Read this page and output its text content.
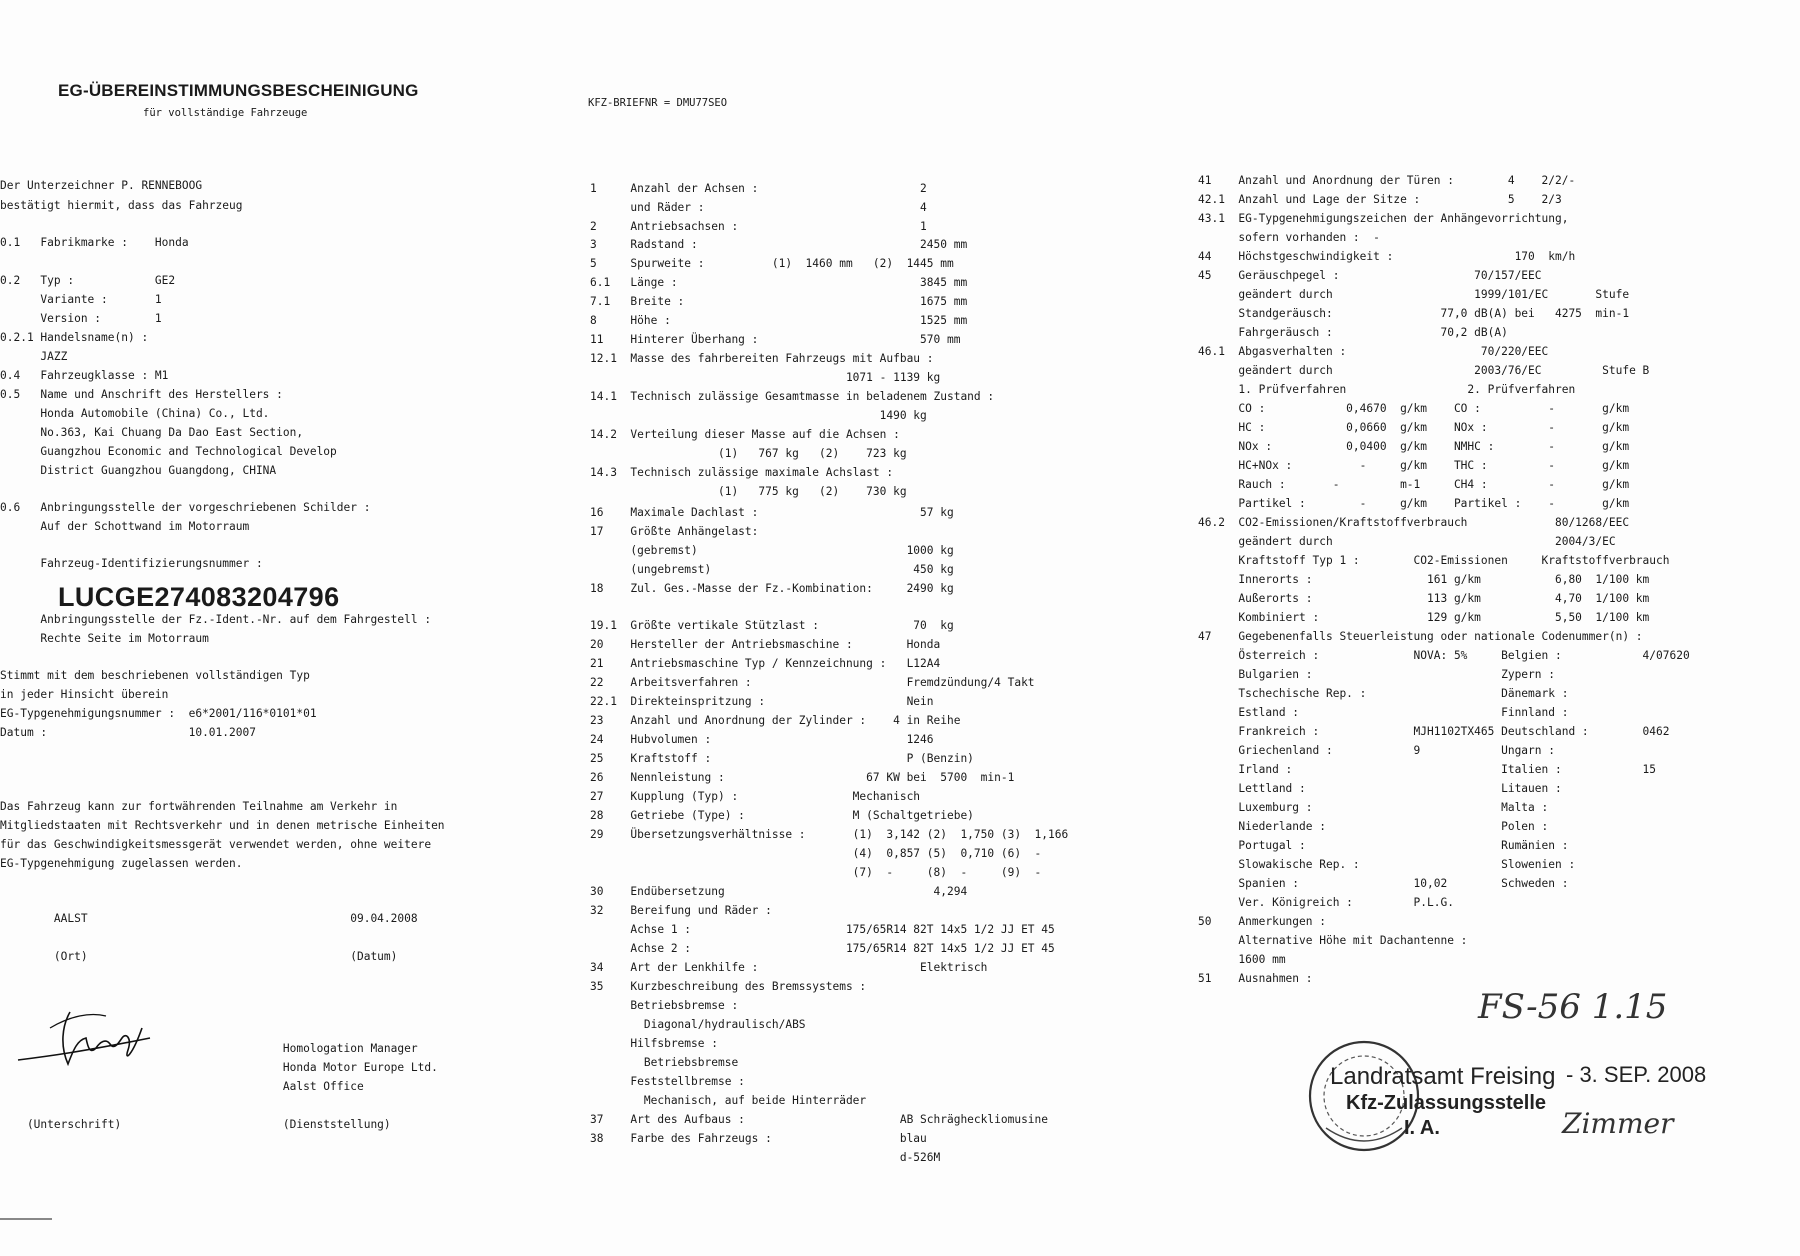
EG-ÜBEREINSTIMMUNGSBESCHEINIGUNG
für vollständige Fahrzeuge
KFZ-BRIEFNR = DMU77SEO
Der Unterzeichner P. RENNEBOOG
bestätigt hiermit, dass das Fahrzeug
0.1   Fabrikmarke :    Honda
0.2   Typ :            GE2
Variante :       1
Version :        1
0.2.1 Handelsname(n) :
JAZZ
0.4   Fahrzeugklasse : M1
0.5   Name und Anschrift des Herstellers :
Honda Automobile (China) Co., Ltd.
No.363, Kai Chuang Da Dao East Section,
Guangzhou Economic and Technological Develop
District Guangzhou Guangdong, CHINA
0.6   Anbringungsstelle der vorgeschriebenen Schilder :
Auf der Schottwand im Motorraum
Fahrzeug-Identifizierungsnummer :
Anbringungsstelle der Fz.-Ident.-Nr. auf dem Fahrgestell :
Rechte Seite im Motorraum
Stimmt mit dem beschriebenen vollständigen Typ
in jeder Hinsicht überein
EG-Typgenehmigungsnummer :  e6*2001/116*0101*01
Datum :                     10.01.2007
Das Fahrzeug kann zur fortwährenden Teilnahme am Verkehr in
Mitgliedstaaten mit Rechtsverkehr und in denen metrische Einheiten
für das Geschwindigkeitsmessgerät verwendet werden, ohne weitere
EG-Typgenehmigung zugelassen werden.
AALST                                       09.04.2008
(Ort)                                       (Datum)
Homologation Manager
Honda Motor Europe Ltd.
Aalst Office
(Unterschrift)                        (Dienststellung)
LUCGE274083204796
1     Anzahl der Achsen :                        2
und Räder :                                4
2     Antriebsachsen :                           1
3     Radstand :                                 2450 mm
5     Spurweite :          (1)  1460 mm   (2)  1445 mm
6.1   Länge :                                    3845 mm
7.1   Breite :                                   1675 mm
8     Höhe :                                     1525 mm
11    Hinterer Überhang :                        570 mm
12.1  Masse des fahrbereiten Fahrzeugs mit Aufbau :
1071 - 1139 kg
14.1  Technisch zulässige Gesamtmasse in beladenem Zustand :
1490 kg
14.2  Verteilung dieser Masse auf die Achsen :
(1)   767 kg   (2)    723 kg
14.3  Technisch zulässige maximale Achslast :
(1)   775 kg   (2)    730 kg
16    Maximale Dachlast :                        57 kg
17    Größte Anhängelast:
(gebremst)                               1000 kg
(ungebremst)                              450 kg
18    Zul. Ges.-Masse der Fz.-Kombination:     2490 kg
19.1  Größte vertikale Stützlast :              70  kg
20    Hersteller der Antriebsmaschine :        Honda
21    Antriebsmaschine Typ / Kennzeichnung :   L12A4
22    Arbeitsverfahren :                       Fremdzündung/4 Takt
22.1  Direkteinspritzung :                     Nein
23    Anzahl und Anordnung der Zylinder :    4 in Reihe
24    Hubvolumen :                             1246
25    Kraftstoff :                             P (Benzin)
26    Nennleistung :                     67 KW bei  5700  min-1
27    Kupplung (Typ) :                 Mechanisch
28    Getriebe (Type) :                M (Schaltgetriebe)
29    Übersetzungsverhältnisse :       (1)  3,142 (2)  1,750 (3)  1,166
(4)  0,857 (5)  0,710 (6)  -
(7)  -     (8)  -     (9)  -
30    Endübersetzung                               4,294
32    Bereifung und Räder :
Achse 1 :                       175/65R14 82T 14x5 1/2 JJ ET 45
Achse 2 :                       175/65R14 82T 14x5 1/2 JJ ET 45
34    Art der Lenkhilfe :                        Elektrisch
35    Kurzbeschreibung des Bremssystems :
Betriebsbremse :
Diagonal/hydraulisch/ABS
Hilfsbremse :
Betriebsbremse
Feststellbremse :
Mechanisch, auf beide Hinterräder
37    Art des Aufbaus :                       AB Schrägheckliomusine
38    Farbe des Fahrzeugs :                   blau
d-526M
41    Anzahl und Anordnung der Türen :        4    2/2/-
42.1  Anzahl und Lage der Sitze :             5    2/3
43.1  EG-Typgenehmigungszeichen der Anhängevorrichtung,
sofern vorhanden :  -
44    Höchstgeschwindigkeit :                  170  km/h
45    Geräuschpegel :                    70/157/EEC
geändert durch                     1999/101/EC       Stufe
Standgeräusch:                77,0 dB(A) bei   4275  min-1
Fahrgeräusch :                70,2 dB(A)
46.1  Abgasverhalten :                    70/220/EEC
geändert durch                     2003/76/EC         Stufe B
1. Prüfverfahren                  2. Prüfverfahren
CO :            0,4670  g/km    CO :          -       g/km
HC :            0,0660  g/km    NOx :         -       g/km
NOx :           0,0400  g/km    NMHC :        -       g/km
HC+NOx :          -     g/km    THC :         -       g/km
Rauch :       -         m-1     CH4 :         -       g/km
Partikel :        -     g/km    Partikel :    -       g/km
46.2  CO2-Emissionen/Kraftstoffverbrauch             80/1268/EEC
geändert durch                                 2004/3/EC
Kraftstoff Typ 1 :        CO2-Emissionen     Kraftstoffverbrauch
Innerorts :                 161 g/km           6,80  1/100 km
Außerorts :                 113 g/km           4,70  1/100 km
Kombiniert :                129 g/km           5,50  1/100 km
47    Gegebenenfalls Steuerleistung oder nationale Codenummer(n) :
Österreich :              NOVA: 5%     Belgien :            4/07620
Bulgarien :                            Zypern :
Tschechische Rep. :                    Dänemark :
Estland :                              Finnland :
Frankreich :              MJH1102TX465 Deutschland :        0462
Griechenland :            9            Ungarn :
Irland :                               Italien :            15
Lettland :                             Litauen :
Luxemburg :                            Malta :
Niederlande :                          Polen :
Portugal :                             Rumänien :
Slowakische Rep. :                     Slowenien :
Spanien :                 10,02        Schweden :
Ver. Königreich :         P.L.G.
50    Anmerkungen :
Alternative Höhe mit Dachantenne :
1600 mm
51    Ausnahmen :
FS-56 1.15
Landratsamt Freising
Kfz-Zulassungsstelle
I. A.
- 3. SEP. 2008
Zimmer
